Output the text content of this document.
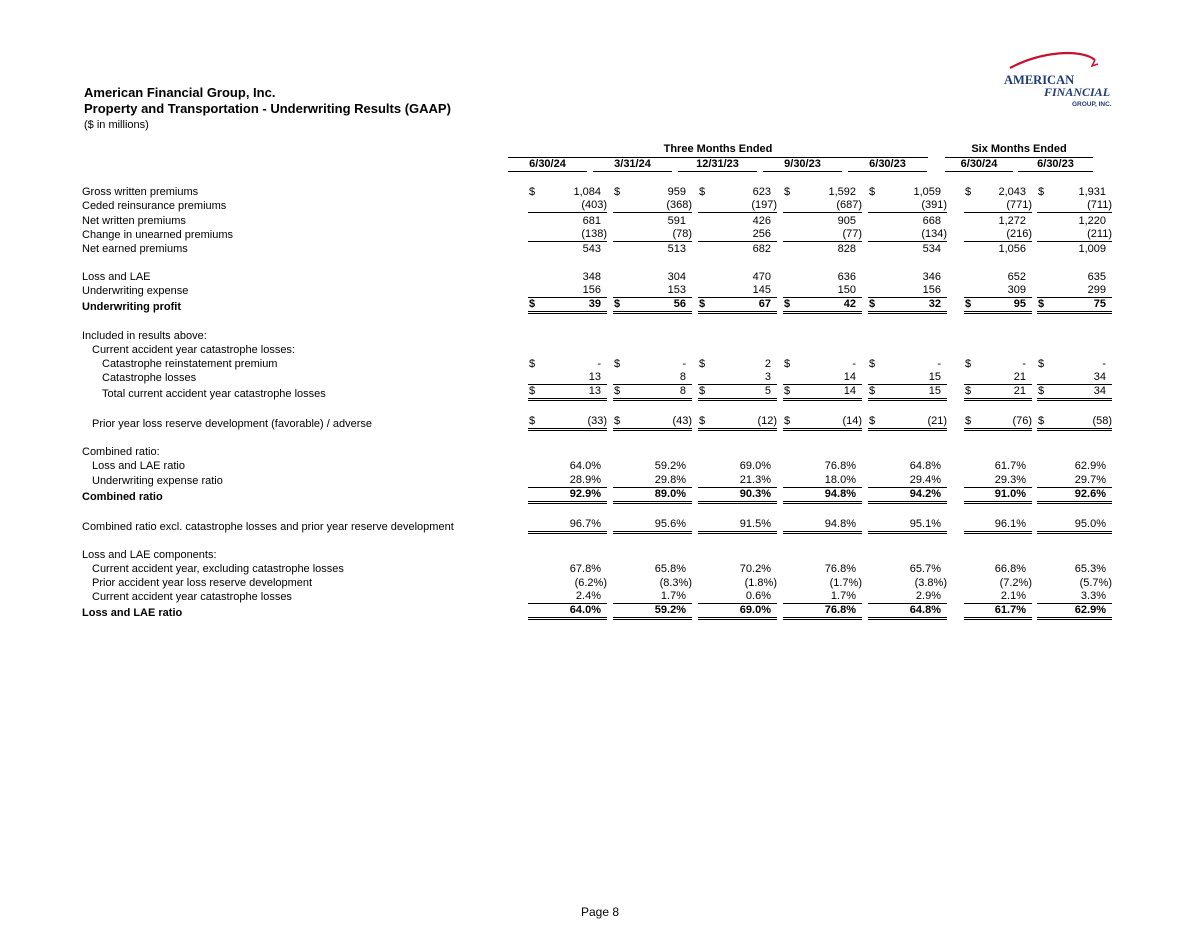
American Financial Group, Inc.
Property and Transportation - Underwriting Results (GAAP)
($ in millions)
AMERICAN
FINANCIAL
GROUP, INC.
Three Months Ended	Six Months Ended
6/30/24	3/31/24	12/31/23	9/30/23	6/30/23	6/30/24	6/30/23
Gross written premiums		$ 1,084		$ 959		$ 623		$ 1,592		$ 1,059		$ 2,043		$ 1,931

Ceded reinsurance premiums		(403)		(368)		(197)		(687)		(391)		(771)		(711)

Net written premiums		681		591		426		905		668		1,272		1,220

Change in unearned premiums		(138)		(78)		256		(77)		(134)		(216)		(211)

Net earned premiums		543		513		682		828		534		1,056		1,009

Loss and LAE		348		304		470		636		346		652		635

Underwriting expense		156		153		145		150		156		309		299

Underwriting profit		$ 39		$ 56		$ 67		$ 42		$ 32		$ 95		$ 75

Included in results above:														
Current accident year catastrophe losses:														
Catastrophe reinstatement premium		$ -		$ -		$ 2		$ -		$ -		$ -		$ -

Catastrophe losses		13		8		3		14		15		21		34

Total current accident year catastrophe losses		$ 13		$ 8		$ 5		$ 14		$ 15		$ 21		$ 34

Prior year loss reserve development (favorable) / adverse		$ (33)		$ (43)		$ (12)		$ (14)		$ (21)		$ (76)		$ (58)

Combined ratio:														
Loss and LAE ratio		64.0%		59.2%		69.0%		76.8%		64.8%		61.7%		62.9%

Underwriting expense ratio		28.9%		29.8%		21.3%		18.0%		29.4%		29.3%		29.7%

Combined ratio		92.9%		89.0%		90.3%		94.8%		94.2%		91.0%		92.6%

Combined ratio excl. catastrophe losses and prior year reserve development		96.7%		95.6%		91.5%		94.8%		95.1%		96.1%		95.0%

Loss and LAE components:														
Current accident year, excluding catastrophe losses		67.8%		65.8%		70.2%		76.8%		65.7%		66.8%		65.3%

Prior accident year loss reserve development		(6.2%)		(8.3%)		(1.8%)		(1.7%)		(3.8%)		(7.2%)		(5.7%)

Current accident year catastrophe losses		2.4%		1.7%		0.6%		1.7%		2.9%		2.1%		3.3%

Loss and LAE ratio		64.0%		59.2%		69.0%		76.8%		64.8%		61.7%		62.9%
Page 8
